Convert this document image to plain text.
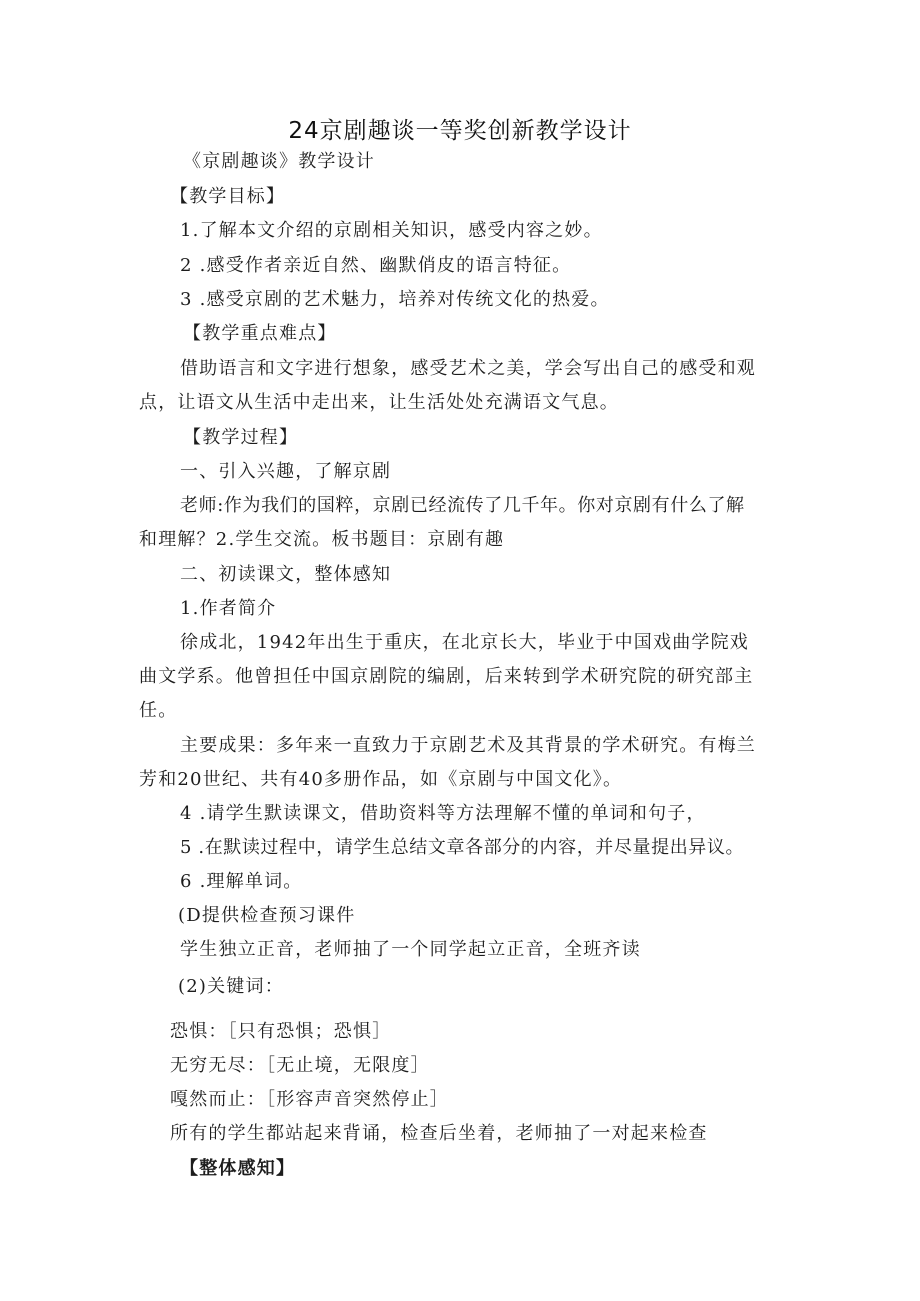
24京剧趣谈一等奖创新教学设计
《京剧趣谈》教学设计
【教学目标】
1.了解本文介绍的京剧相关知识，感受内容之妙。
2 .感受作者亲近自然、幽默俏皮的语言特征。
3 .感受京剧的艺术魅力，培养对传统文化的热爱。
【教学重点难点】
借助语言和文字进行想象，感受艺术之美，学会写出自己的感受和观
点，让语文从生活中走出来，让生活处处充满语文气息。
【教学过程】
一、引入兴趣，了解京剧
老师:作为我们的国粹，京剧已经流传了几千年。你对京剧有什么了解
和理解？2.学生交流。板书题目：京剧有趣
二、初读课文，整体感知
1.作者简介
徐成北，1942年出生于重庆，在北京长大，毕业于中国戏曲学院戏
曲文学系。他曾担任中国京剧院的编剧，后来转到学术研究院的研究部主
任。
主要成果：多年来一直致力于京剧艺术及其背景的学术研究。有梅兰
芳和20世纪、共有40多册作品，如《京剧与中国文化》。
4 .请学生默读课文，借助资料等方法理解不懂的单词和句子，
5 .在默读过程中，请学生总结文章各部分的内容，并尽量提出异议。
6 .理解单词。
(D提供检查预习课件
学生独立正音，老师抽了一个同学起立正音，全班齐读
(2)关键词：
恐惧：［只有恐惧；恐惧］
无穷无尽：［无止境，无限度］
嘎然而止：［形容声音突然停止］
所有的学生都站起来背诵，检查后坐着，老师抽了一对起来检查
【整体感知】
